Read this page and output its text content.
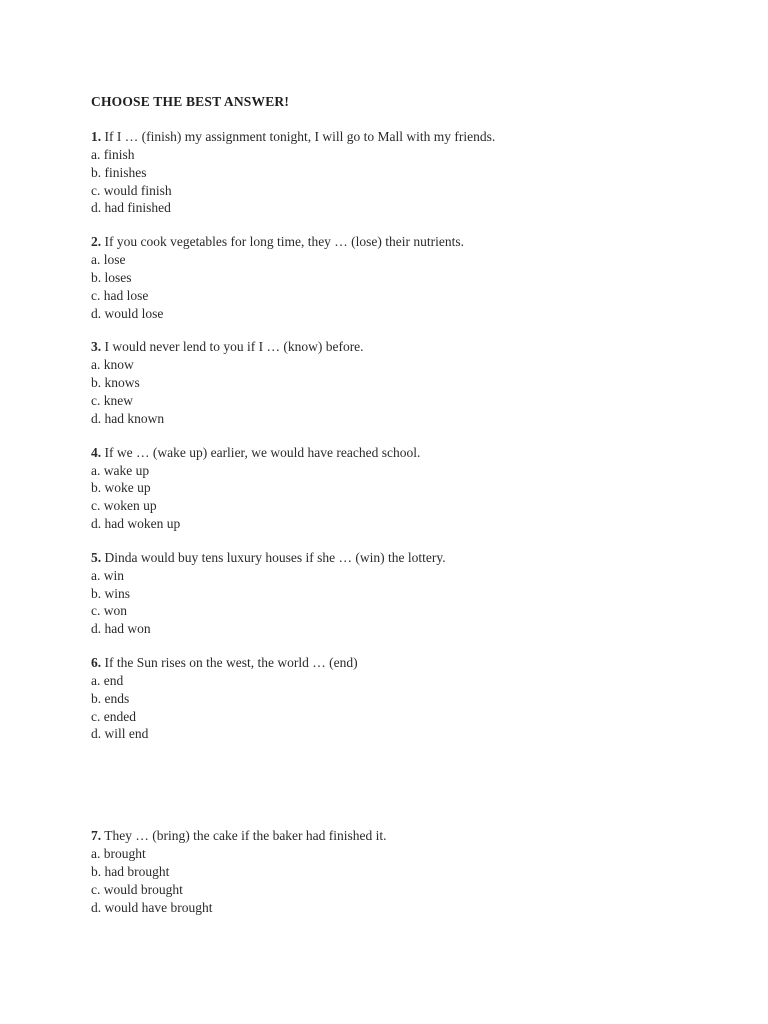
CHOOSE THE BEST ANSWER!
1. If I … (finish) my assignment tonight, I will go to Mall with my friends.
a. finish
b. finishes
c. would finish
d. had finished
2. If you cook vegetables for long time, they … (lose) their nutrients.
a. lose
b. loses
c. had lose
d. would lose
3. I would never lend to you if I … (know) before.
a. know
b. knows
c. knew
d. had known
4. If we … (wake up) earlier, we would have reached school.
a. wake up
b. woke up
c. woken up
d. had woken up
5. Dinda would buy tens luxury houses if she … (win) the lottery.
a. win
b. wins
c. won
d. had won
6. If the Sun rises on the west, the world … (end)
a. end
b. ends
c. ended
d. will end
7. They … (bring) the cake if the baker had finished it.
a. brought
b. had brought
c. would brought
d. would have brought
